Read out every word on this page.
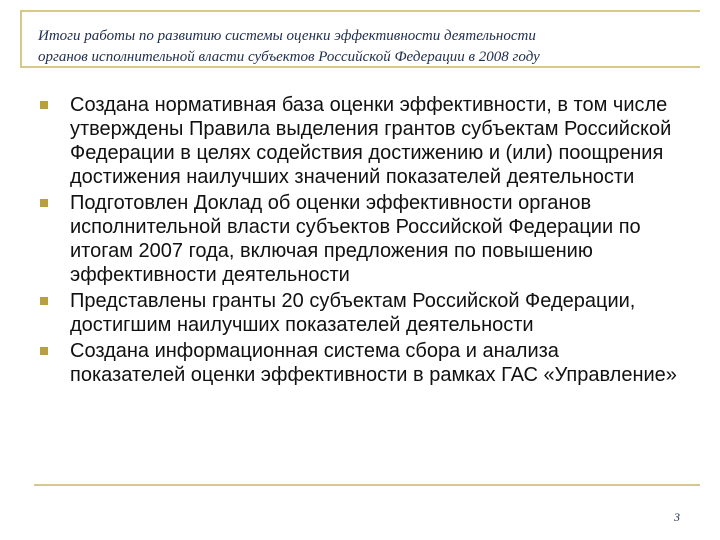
Итоги работы по развитию системы оценки эффективности деятельности
органов исполнительной власти субъектов Российской Федерации в 2008 году
Создана нормативная база оценки эффективности, в том числе утверждены Правила выделения грантов субъектам Российской Федерации в целях содействия достижению и (или) поощрения достижения наилучших значений показателей деятельности
Подготовлен Доклад об оценки эффективности органов исполнительной власти субъектов Российской Федерации по итогам 2007 года, включая предложения по повышению эффективности деятельности
Представлены гранты 20 субъектам Российской Федерации, достигшим наилучших показателей деятельности
Создана информационная система сбора и анализа показателей оценки эффективности в рамках ГАС «Управление»
3
